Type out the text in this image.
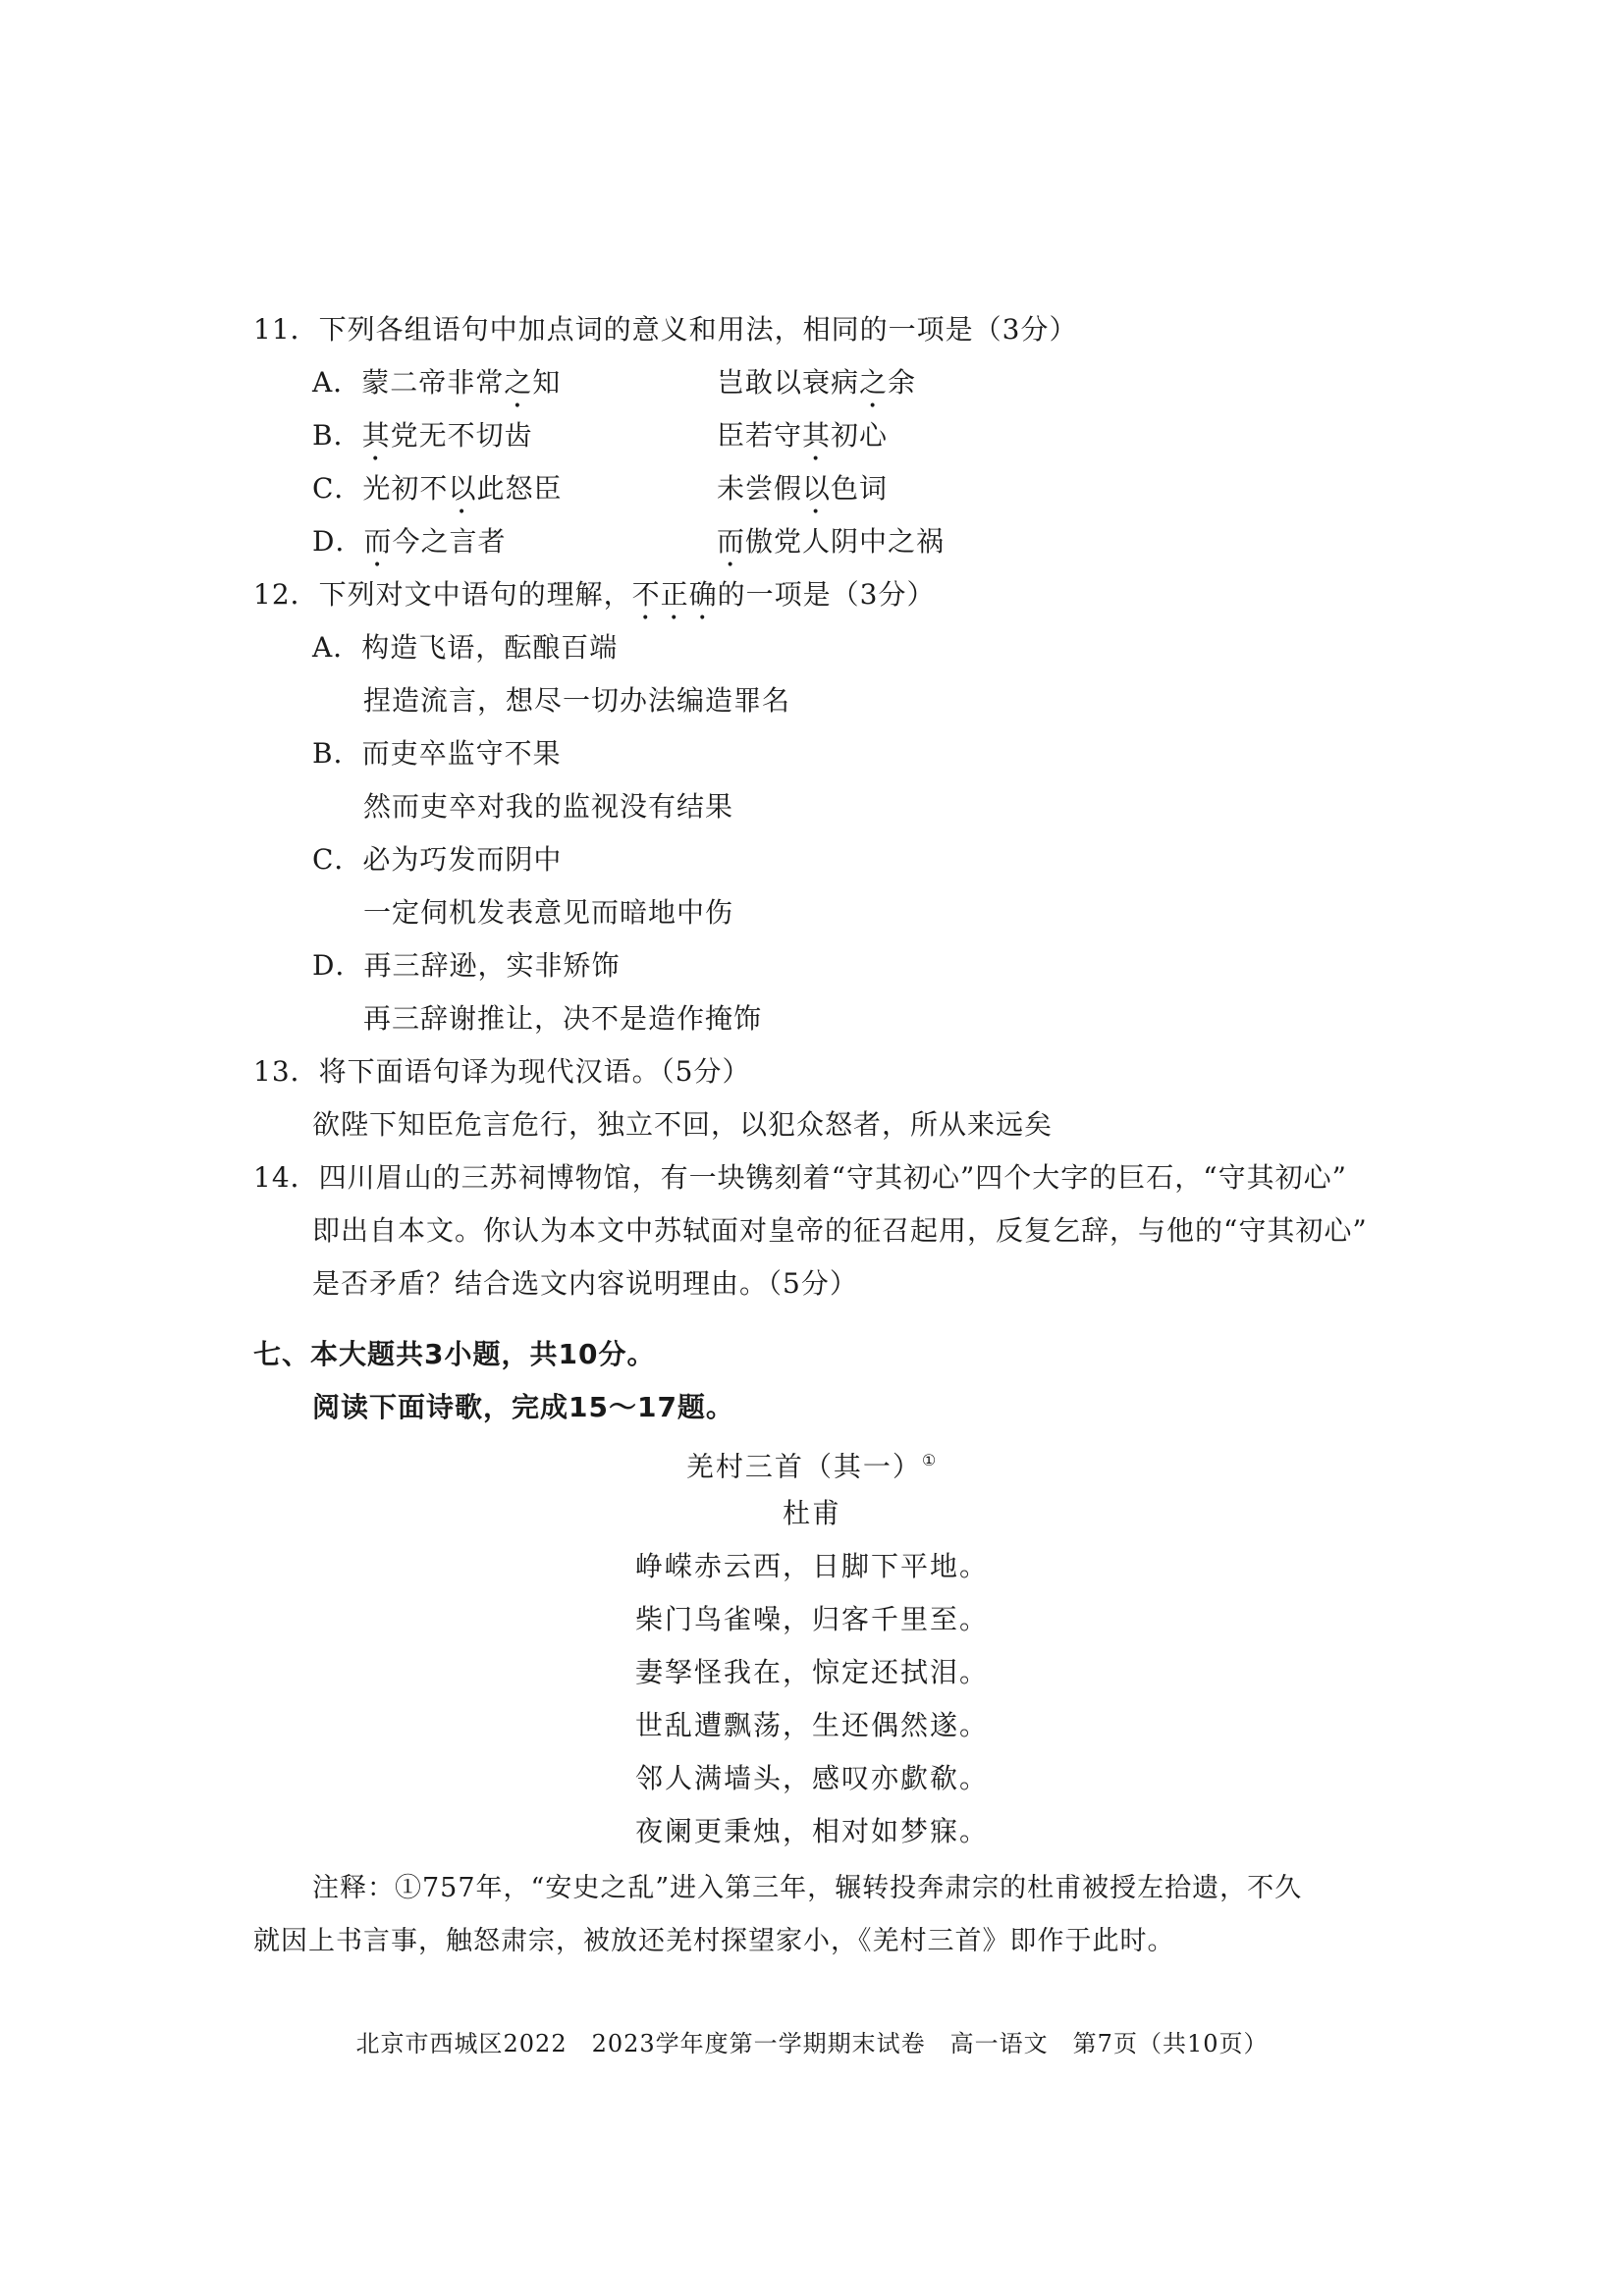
11．下列各组语句中加点词的意义和用法，相同的一项是（3分）
A．蒙二帝非常之知	岂敢以衰病之余
B．其党无不切齿	臣若守其初心
C．光初不以此怒臣	未尝假以色词
D．而今之言者	而傲党人阴中之祸
12．下列对文中语句的理解，不正确的一项是（3分）
A．构造飞语，酝酿百端
捏造流言，想尽一切办法编造罪名
B．而吏卒监守不果
然而吏卒对我的监视没有结果
C．必为巧发而阴中
一定伺机发表意见而暗地中伤
D．再三辞逊，实非矫饰
再三辞谢推让，决不是造作掩饰
13．将下面语句译为现代汉语。（5分）
欲陛下知臣危言危行，独立不回，以犯众怒者，所从来远矣
14．四川眉山的三苏祠博物馆，有一块镌刻着“守其初心”四个大字的巨石，“守其初心”
即出自本文。你认为本文中苏轼面对皇帝的征召起用，反复乞辞，与他的“守其初心”
是否矛盾？结合选文内容说明理由。（5分）
七、本大题共3小题，共10分。
阅读下面诗歌，完成15～17题。
羌村三首（其一）①
杜甫
峥嵘赤云西，日脚下平地。
柴门鸟雀噪，归客千里至。
妻孥怪我在，惊定还拭泪。
世乱遭飘荡，生还偶然遂。
邻人满墙头，感叹亦歔欷。
夜阑更秉烛，相对如梦寐。
注释：①757年，“安史之乱”进入第三年，辗转投奔肃宗的杜甫被授左拾遗，不久
就因上书言事，触怒肃宗，被放还羌村探望家小，《羌村三首》即作于此时。
北京市西城区2022　2023学年度第一学期期末试卷　高一语文　第7页（共10页）
